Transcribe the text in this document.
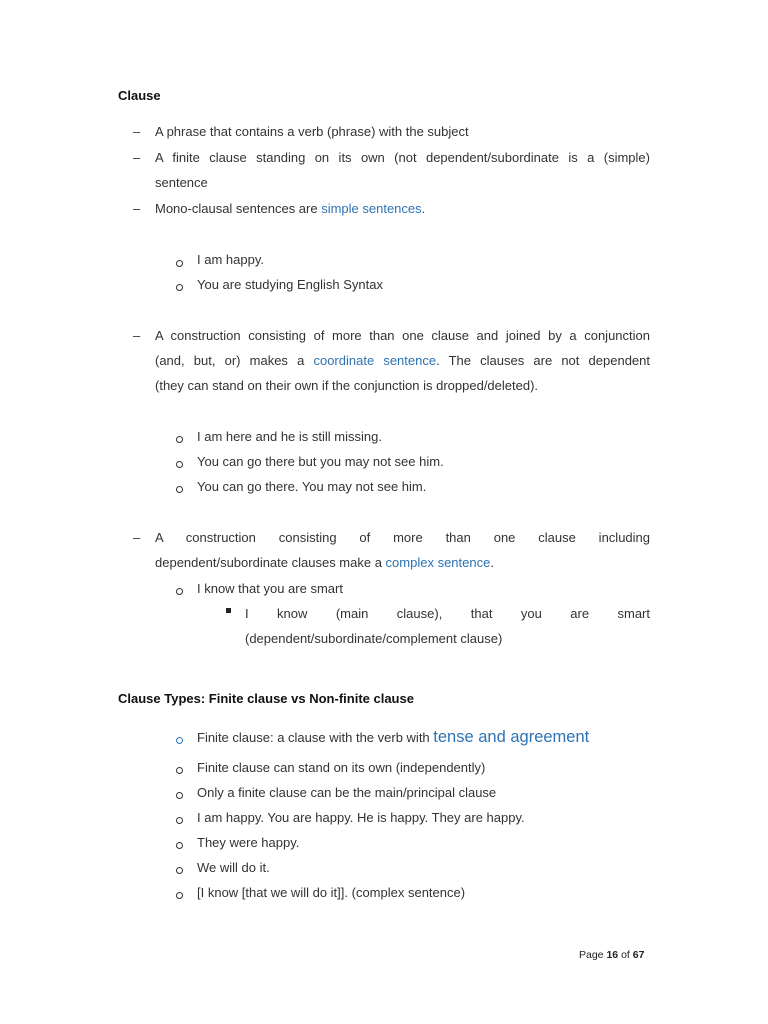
Clause
– A phrase that contains a verb (phrase) with the subject
– A finite clause standing on its own (not dependent/subordinate is a (simple)
sentence
– Mono-clausal sentences are simple sentences.
I am happy.
You are studying English Syntax
– A construction consisting of more than one clause and joined by a conjunction
(and, but, or) makes a coordinate sentence. The clauses are not dependent
(they can stand on their own if the conjunction is dropped/deleted).
I am here and he is still missing.
You can go there but you may not see him.
You can go there. You may not see him.
– A construction consisting of more than one clause including
dependent/subordinate clauses make a complex sentence.
I know that you are smart
I know (main clause), that you are smart
(dependent/subordinate/complement clause)
Clause Types: Finite clause vs Non-finite clause
Finite clause: a clause with the verb with tense and agreement
Finite clause can stand on its own (independently)
Only a finite clause can be the main/principal clause
I am happy. You are happy. He is happy. They are happy.
They were happy.
We will do it.
[I know [that we will do it]]. (complex sentence)
Page 16 of 67
